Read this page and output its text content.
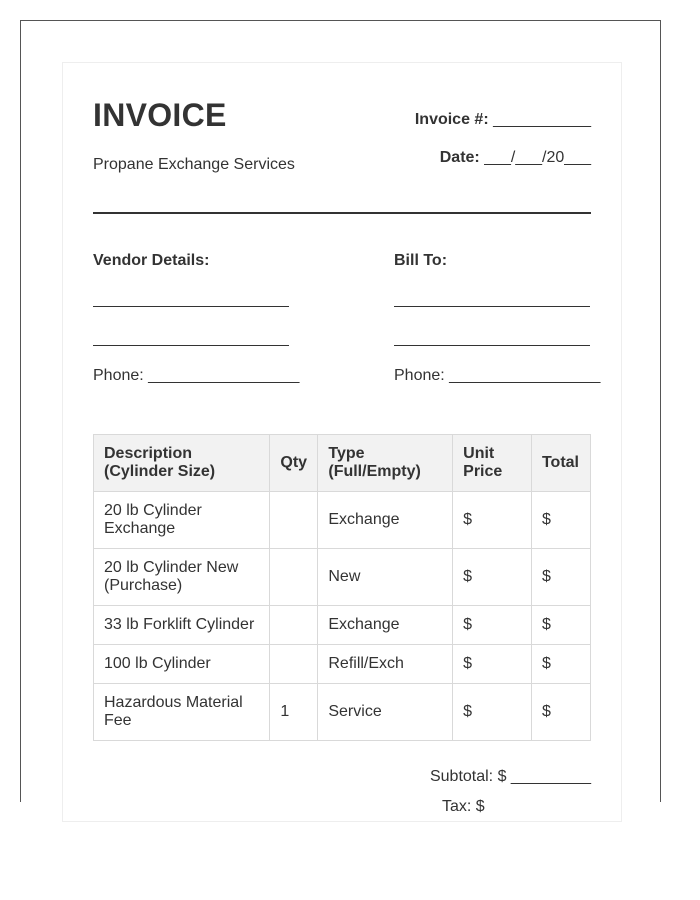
INVOICE
Propane Exchange Services
Invoice #: ___________
Date: ___/___/20___
Vendor Details:
Phone: _________________
Bill To:
Phone: _________________
Description (Cylinder Size)	Qty	Type (Full/Empty)	Unit Price	Total
20 lb Cylinder Exchange		Exchange	$	$
20 lb Cylinder New (Purchase)		New	$	$
33 lb Forklift Cylinder		Exchange	$	$
100 lb Cylinder		Refill/Exch	$	$
Hazardous Material Fee	1	Service	$	$
Subtotal: $ _________
Tax: $
